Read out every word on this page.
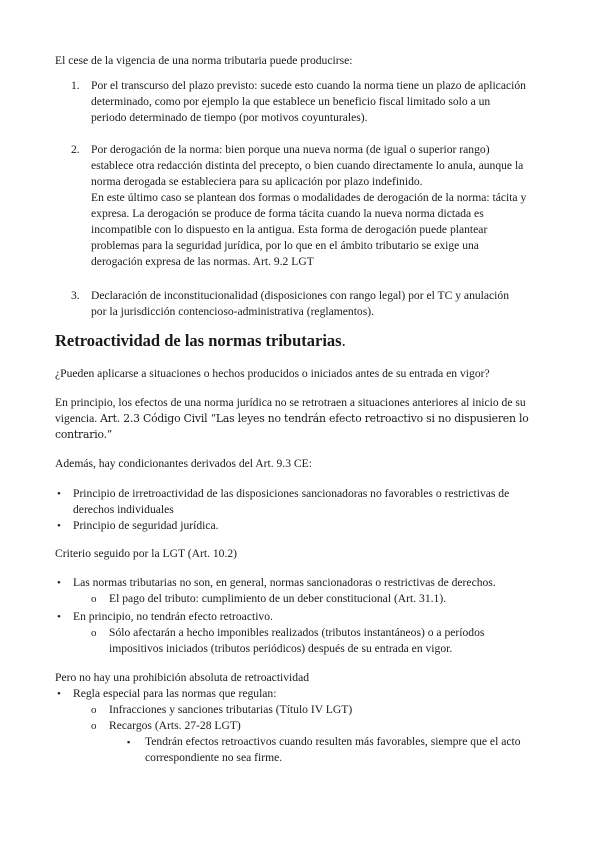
El cese de la vigencia de una norma tributaria puede producirse:

1. Por el transcurso del plazo previsto: sucede esto cuando la norma tiene un plazo de aplicación

determinado, como por ejemplo la que establece un beneficio fiscal limitado solo a un

periodo determinado de tiempo (por motivos coyunturales).

2. Por derogación de la norma: bien porque una nueva norma (de igual o superior rango)

establece otra redacción distinta del precepto, o bien cuando directamente lo anula, aunque la

norma derogada se estableciera para su aplicación por plazo indefinido.

En este último caso se plantean dos formas o modalidades de derogación de la norma: tácita y

expresa. La derogación se produce de forma tácita cuando la nueva norma dictada es

incompatible con lo dispuesto en la antigua. Esta forma de derogación puede plantear

problemas para la seguridad jurídica, por lo que en el ámbito tributario se exige una

derogación expresa de las normas. Art. 9.2 LGT

3. Declaración de inconstitucionalidad (disposiciones con rango legal) por el TC y anulación

por la jurisdicción contencioso-administrativa (reglamentos).

Retroactividad de las normas tributarias.

¿Pueden aplicarse a situaciones o hechos producidos o iniciados antes de su entrada en vigor?

En principio, los efectos de una norma jurídica no se retrotraen a situaciones anteriores al inicio de su

vigencia. Art. 2.3 Código Civil “Las leyes no tendrán efecto retroactivo si no dispusieren lo

contrario.”

Además, hay condicionantes derivados del Art. 9.3 CE:

• Principio de irretroactividad de las disposiciones sancionadoras no favorables o restrictivas de

derechos individuales

• Principio de seguridad jurídica.

Criterio seguido por la LGT (Art. 10.2)

• Las normas tributarias no son, en general, normas sancionadoras o restrictivas de derechos.

o El pago del tributo: cumplimiento de un deber constitucional (Art. 31.1).

• En principio, no tendrán efecto retroactivo.

o Sólo afectarán a hecho imponibles realizados (tributos instantáneos) o a períodos

impositivos iniciados (tributos periódicos) después de su entrada en vigor.

Pero no hay una prohibición absoluta de retroactividad

• Regla especial para las normas que regulan:

o Infracciones y sanciones tributarias (Título IV LGT)

o Recargos (Arts. 27-28 LGT)

▪ Tendrán efectos retroactivos cuando resulten más favorables, siempre que el acto

correspondiente no sea firme.
